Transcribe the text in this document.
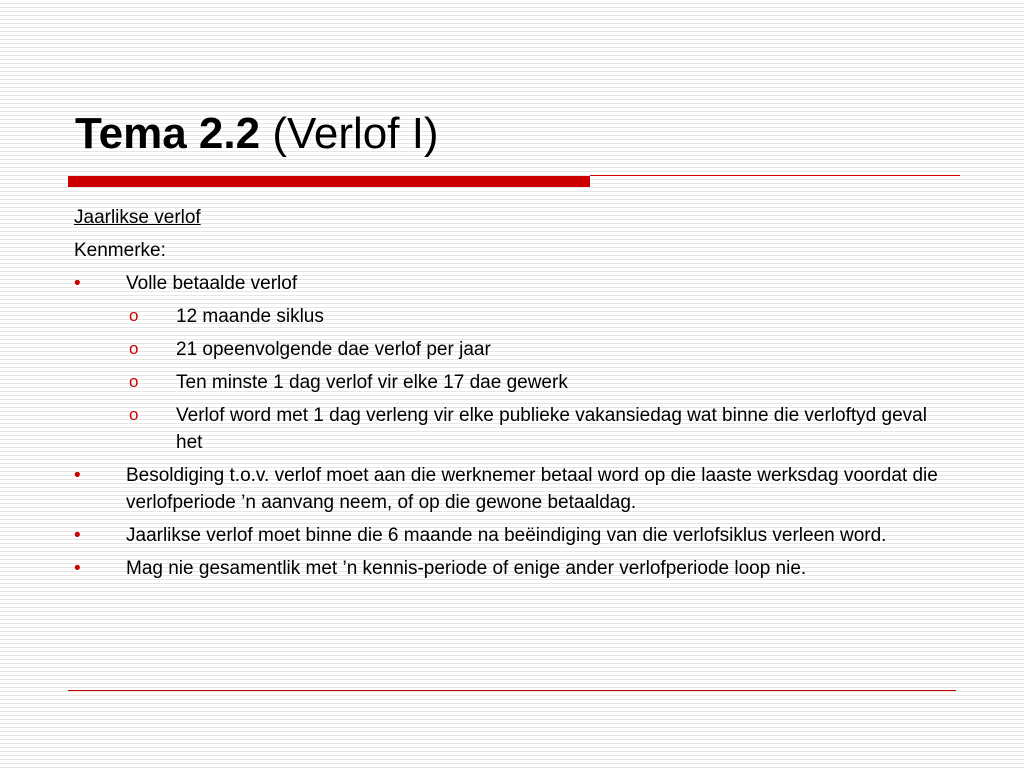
Tema 2.2 (Verlof I)
Jaarlikse verlof
Kenmerke:
• Volle betaalde verlof
o 12 maande siklus
o 21 opeenvolgende dae verlof per jaar
o Ten minste 1 dag verlof vir elke 17 dae gewerk
o Verlof word met 1 dag verleng vir elke publieke vakansiedag wat binne die verloftyd geval het
• Besoldiging t.o.v. verlof moet aan die werknemer betaal word op die laaste werksdag voordat die verlofperiode ’n aanvang neem, of op die gewone betaaldag.
• Jaarlikse verlof moet binne die 6 maande na beëindiging van die verlofsiklus verleen word.
• Mag nie gesamentlik met ’n kennis-periode of enige ander verlofperiode loop nie.
